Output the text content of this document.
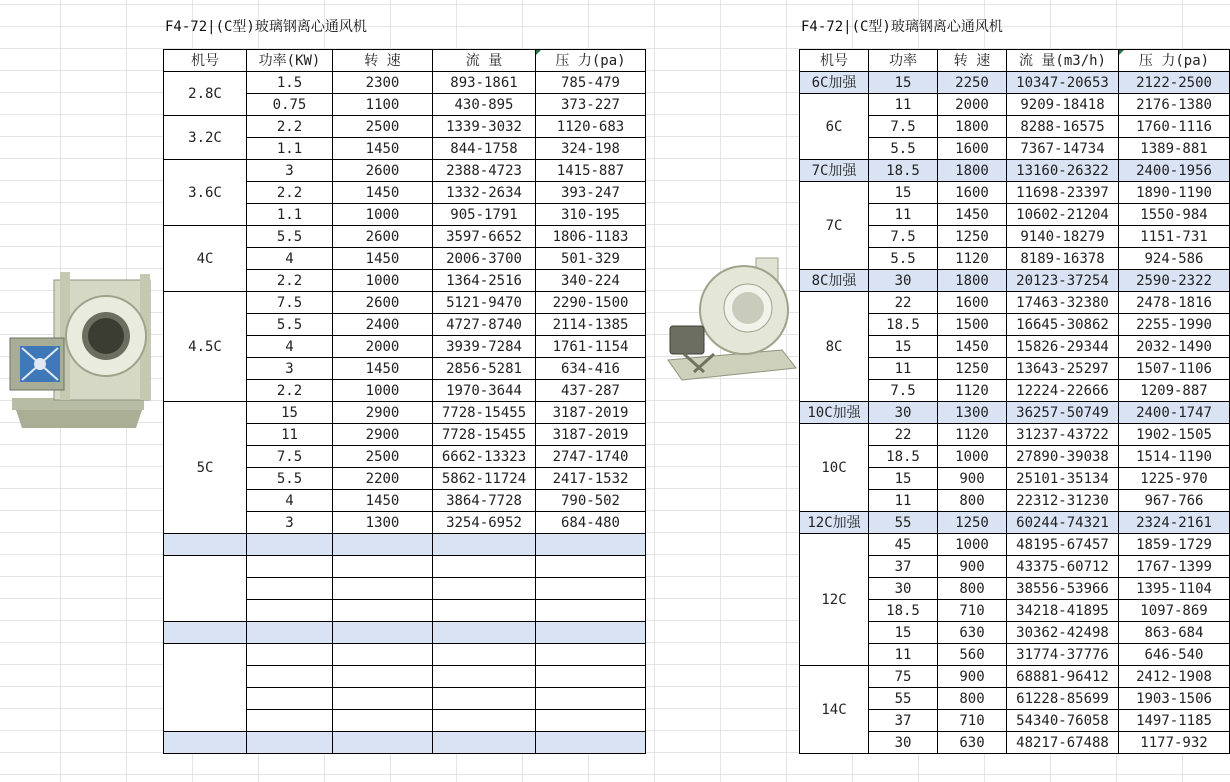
F4-72|(C型)玻璃钢离心通风机	F4-72|(C型)玻璃钢离心通风机
机号	功率(KW)	转 速	流 量	压 力(pa)
2.8C	1.5	2300	893-1861	785-479
	0.75	1100	430-895	373-227
3.2C	2.2	2500	1339-3032	1120-683
	1.1	1450	844-1758	324-198
3.6C	3	2600	2388-4723	1415-887
	2.2	1450	1332-2634	393-247
	1.1	1000	905-1791	310-195
4C	5.5	2600	3597-6652	1806-1183
	4	1450	2006-3700	501-329
	2.2	1000	1364-2516	340-224
4.5C	7.5	2600	5121-9470	2290-1500
	5.5	2400	4727-8740	2114-1385
	4	2000	3939-7284	1761-1154
	3	1450	2856-5281	634-416
	2.2	1000	1970-3644	437-287
5C	15	2900	7728-15455	3187-2019
	11	2900	7728-15455	3187-2019
	7.5	2500	6662-13323	2747-1740
	5.5	2200	5862-11724	2417-1532
	4	1450	3864-7728	790-502
	3	1300	3254-6952	684-480

机号	功率	转 速	流 量(m3/h)	压 力(pa)
6C加强	15	2250	10347-20653	2122-2500
6C	11	2000	9209-18418	2176-1380
	7.5	1800	8288-16575	1760-1116
	5.5	1600	7367-14734	1389-881
7C加强	18.5	1800	13160-26322	2400-1956
7C	15	1600	11698-23397	1890-1190
	11	1450	10602-21204	1550-984
	7.5	1250	9140-18279	1151-731
	5.5	1120	8189-16378	924-586
8C加强	30	1800	20123-37254	2590-2322
8C	22	1600	17463-32380	2478-1816
	18.5	1500	16645-30862	2255-1990
	15	1450	15826-29344	2032-1490
	11	1250	13643-25297	1507-1106
	7.5	1120	12224-22666	1209-887
10C加强	30	1300	36257-50749	2400-1747
10C	22	1120	31237-43722	1902-1505
	18.5	1000	27890-39038	1514-1190
	15	900	25101-35134	1225-970
	11	800	22312-31230	967-766
12C加强	55	1250	60244-74321	2324-2161
12C	45	1000	48195-67457	1859-1729
	37	900	43375-60712	1767-1399
	30	800	38556-53966	1395-1104
	18.5	710	34218-41895	1097-869
	15	630	30362-42498	863-684
	11	560	31774-37776	646-540
14C	75	900	68881-96412	2412-1908
	55	800	61228-85699	1903-1506
	37	710	54340-76058	1497-1185
	30	630	48217-67488	1177-932
